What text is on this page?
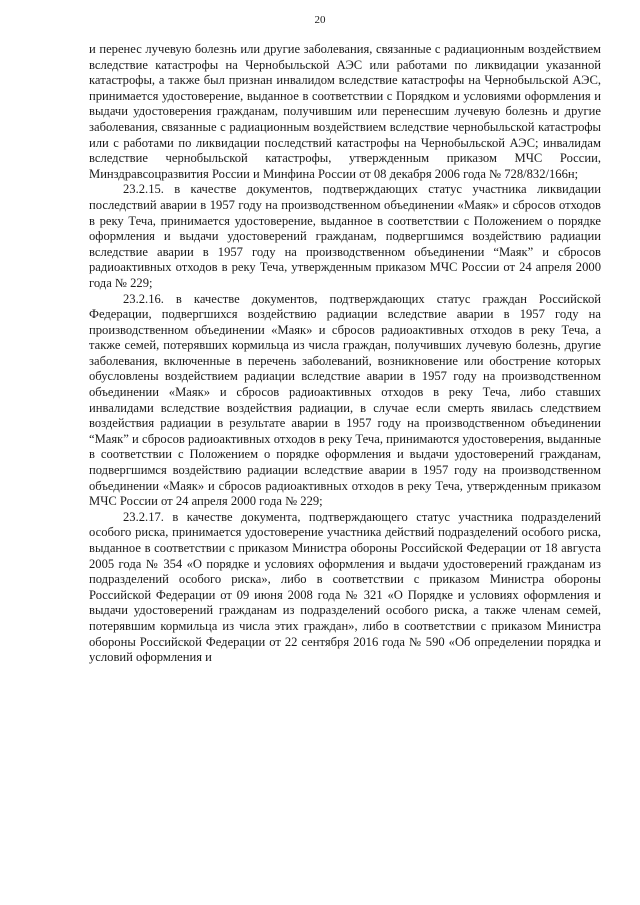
20

и перенес лучевую болезнь или другие заболевания, связанные с радиационным воздействием вследствие катастрофы на Чернобыльской АЭС или работами по ликвидации указанной катастрофы, а также был признан инвалидом вследствие катастрофы на Чернобыльской АЭС, принимается удостоверение, выданное в соответствии с Порядком и условиями оформления и выдачи удостоверения гражданам, получившим или перенесшим лучевую болезнь и другие заболевания, связанные с радиационным воздействием вследствие чернобыльской катастрофы или с работами по ликвидации последствий катастрофы на Чернобыльской АЭС; инвалидам вследствие чернобыльской катастрофы, утвержденным приказом МЧС России, Минздравсоцразвития России и Минфина России от 08 декабря 2006 года № 728/832/166н;

23.2.15. в качестве документов, подтверждающих статус участника ликвидации последствий аварии в 1957 году на производственном объединении «Маяк» и сбросов отходов в реку Теча, принимается удостоверение, выданное в соответствии с Положением о порядке оформления и выдачи удостоверений гражданам, подвергшимся воздействию радиации вследствие аварии в 1957 году на производственном объединении “Маяк” и сбросов радиоактивных отходов в реку Теча, утвержденным приказом МЧС России от 24 апреля 2000 года № 229;

23.2.16. в качестве документов, подтверждающих статус граждан Российской Федерации, подвергшихся воздействию радиации вследствие аварии в 1957 году на производственном объединении «Маяк» и сбросов радиоактивных отходов в реку Теча, а также семей, потерявших кормильца из числа граждан, получивших лучевую болезнь, другие заболевания, включенные в перечень заболеваний, возникновение или обострение которых обусловлены воздействием радиации вследствие аварии в 1957 году на производственном объединении «Маяк» и сбросов радиоактивных отходов в реку Теча, либо ставших инвалидами вследствие воздействия радиации, в случае если смерть явилась следствием воздействия радиации в результате аварии в 1957 году на производственном объединении “Маяк” и сбросов радиоактивных отходов в реку Теча, принимаются удостоверения, выданные в соответствии с Положением о порядке оформления и выдачи удостоверений гражданам, подвергшимся воздействию радиации вследствие аварии в 1957 году на производственном объединении «Маяк» и сбросов радиоактивных отходов в реку Теча, утвержденным приказом МЧС России от 24 апреля 2000 года № 229;

23.2.17. в качестве документа, подтверждающего статус участника подразделений особого риска, принимается удостоверение участника действий подразделений особого риска, выданное в соответствии с приказом Министра обороны Российской Федерации от 18 августа 2005 года № 354 «О порядке и условиях оформления и выдачи удостоверений гражданам из подразделений особого риска», либо в соответствии с приказом Министра обороны Российской Федерации от 09 июня 2008 года № 321 «О Порядке и условиях оформления и выдачи удостоверений гражданам из подразделений особого риска, а также членам семей, потерявшим кормильца из числа этих граждан», либо в соответствии с приказом Министра обороны Российской Федерации от 22 сентября 2016 года № 590 «Об определении порядка и условий оформления и
